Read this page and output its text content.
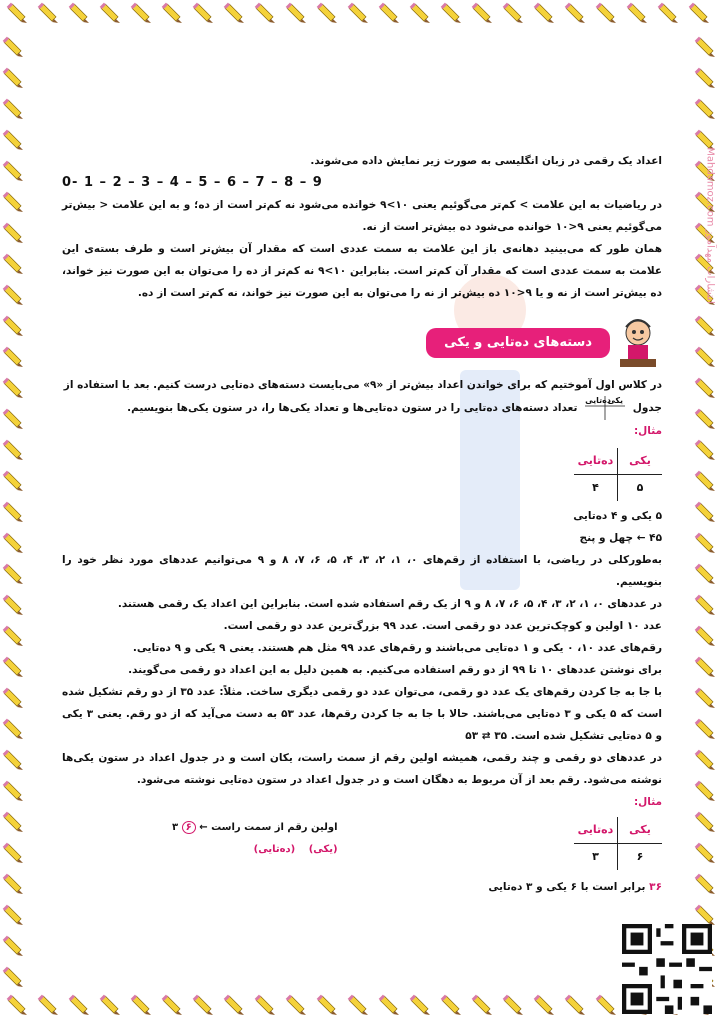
انتشارات مهدآموز Mahdamoz.com

اعداد یک رقمی در زبان انگلیسی به صورت زیر نمایش داده می‌شوند.

0- 1 – 2 – 3 – 4 – 5 – 6 – 7 – 8 – 9

در ریاضیات به این علامت > کم‌تر می‌گوئیم یعنی ۱۰>۹ خوانده می‌شود نه کم‌تر است از ده؛ و به این علامت < بیش‌تر می‌گوئیم یعنی ۹<۱۰ خوانده می‌شود ده بیش‌تر است از نه.

همان طور که می‌بینید دهانه‌ی باز این علامت به سمت عددی است که مقدار آن بیش‌تر است و طرف بسته‌ی این علامت به سمت عددی است که مقدار آن کم‌تر است. بنابراین ۱۰>۹ نه کم‌تر از ده را می‌توان به این صورت نیز خواند، ده بیش‌تر است از نه و یا ۹<۱۰ ده بیش‌تر از نه را می‌توان به این صورت نیز خواند، نه کم‌تر است از ده.

دسته‌های ده‌تایی و یکی

در کلاس اول آموختیم که برای خواندن اعداد بیش‌تر از «۹» می‌بایست دسته‌های ده‌تایی درست کنیم. بعد با استفاده از

جدول
یکی
ده‌تایی
تعداد دسته‌های ده‌تایی را در ستون ده‌تایی‌ها و تعداد یکی‌ها را، در ستون یکی‌ها بنویسیم.

مثال:

یکی
ده‌تایی
۵
۴

۵ یکی و ۴ ده‌تایی

۴۵ ← چهل و پنج

به‌طورکلی در ریاضی، با استفاده از رقم‌های ۰، ۱، ۲، ۳، ۴، ۵، ۶، ۷، ۸ و ۹ می‌توانیم عددهای مورد نظر خود را بنویسیم.

در عددهای ۰، ۱، ۲، ۳، ۴، ۵، ۶، ۷، ۸ و ۹ از یک رقم استفاده شده است. بنابراین این اعداد یک رقمی هستند.

عدد ۱۰ اولین و کوچک‌ترین عدد دو رقمی است. عدد ۹۹ بزرگ‌ترین عدد دو رقمی است.

رقم‌های عدد ۱۰، ۰ یکی و ۱ ده‌تایی می‌باشند و رقم‌های عدد ۹۹ مثل هم هستند. یعنی ۹ یکی و ۹ ده‌تایی.

برای نوشتن عددهای ۱۰ تا ۹۹ از دو رقم استفاده می‌کنیم. به همین دلیل به این اعداد دو رقمی می‌گویند.

با جا به جا کردن رقم‌های یک عدد دو رقمی، می‌توان عدد دو رقمی دیگری ساخت. مثلاً: عدد ۳۵ از دو رقم تشکیل شده است که ۵ یکی و ۳ ده‌تایی می‌باشند. حالا با جا به جا کردن رقم‌ها، عدد ۵۳ به دست می‌آید که از دو رقم. یعنی ۳ یکی و ۵ ده‌تایی تشکیل شده است. ۳۵ ⇄ ۵۳

در عددهای دو رقمی و چند رقمی، همیشه اولین رقم از سمت راست، یکان است و در جدول اعداد در ستون یکی‌ها نوشته می‌شود. رقم بعد از آن مربوط به دهگان است و در جدول اعداد در ستون ده‌تایی نوشته می‌شود.

مثال:

یکی
ده‌تایی
۶
۳
اولین رقم از سمت راست ← ۶ ۳
(یکی) (ده‌تایی)

۳۶ برابر است با ۶ یکی و ۳ ده‌تایی
